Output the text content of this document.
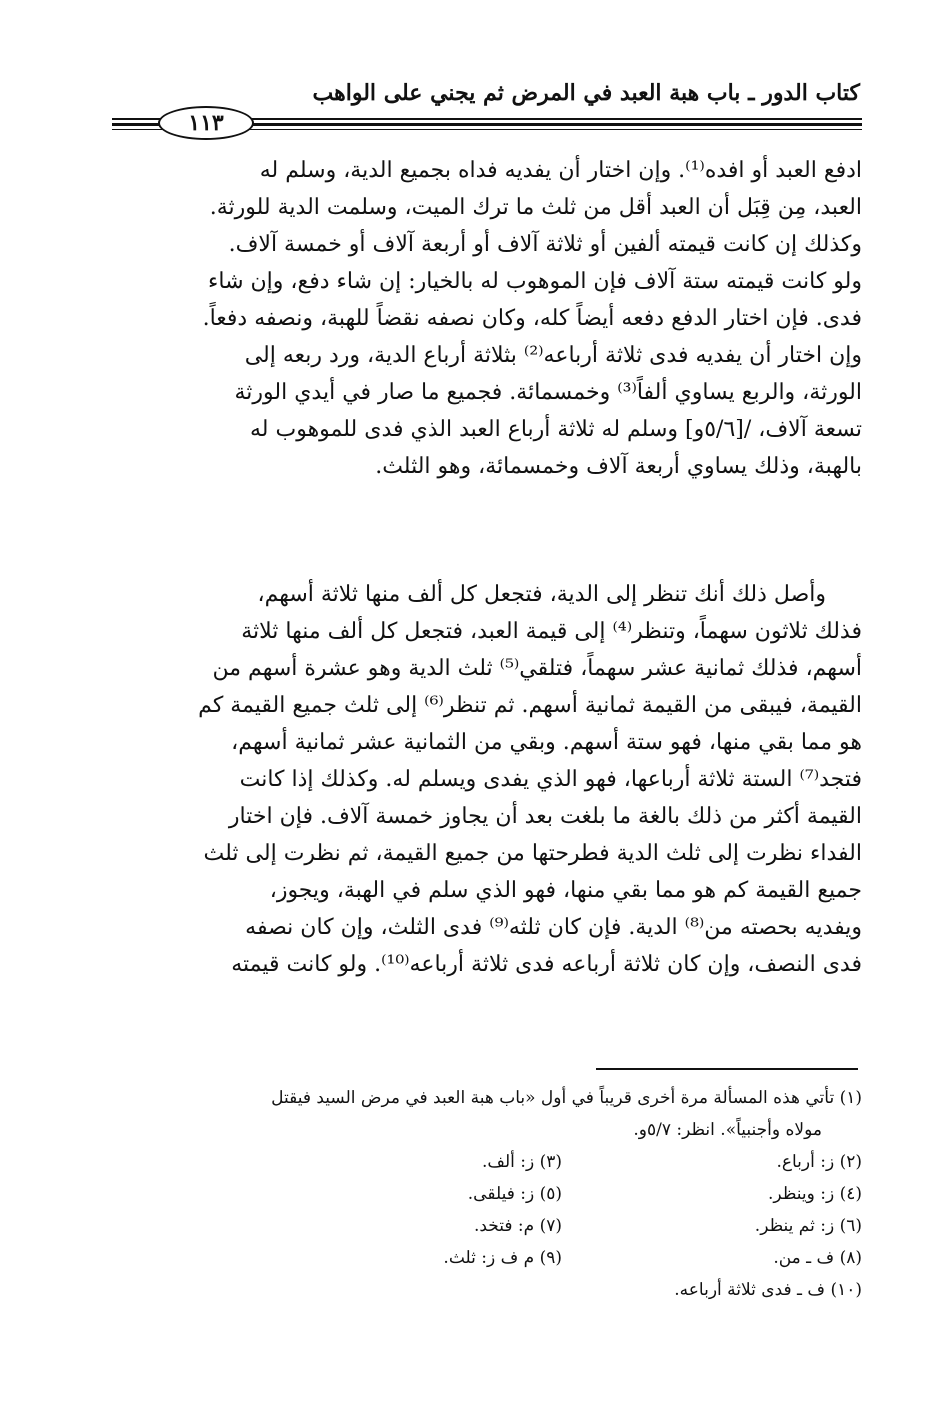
كتاب الدور ـ باب هبة العبد في المرض ثم يجني على الواهب
١١٣
ادفع العبد أو افده⁽¹⁾. وإن اختار أن يفديه فداه بجميع الدية، وسلم له
العبد، مِن قِبَل أن العبد أقل من ثلث ما ترك الميت، وسلمت الدية للورثة.
وكذلك إن كانت قيمته ألفين أو ثلاثة آلاف أو أربعة آلاف أو خمسة آلاف.
ولو كانت قيمته ستة آلاف فإن الموهوب له بالخيار: إن شاء دفع، وإن شاء
فدى. فإن اختار الدفع دفعه أيضاً كله، وكان نصفه نقضاً للهبة، ونصفه دفعاً.
وإن اختار أن يفديه فدى ثلاثة أرباعه⁽²⁾ بثلاثة أرباع الدية، ورد ربعه إلى
الورثة، والربع يساوي ألفاً⁽³⁾ وخمسمائة. فجميع ما صار في أيدي الورثة
تسعة آلاف، /[٥/٦و] وسلم له ثلاثة أرباع العبد الذي فدى للموهوب له
بالهبة، وذلك يساوي أربعة آلاف وخمسمائة، وهو الثلث.
وأصل ذلك أنك تنظر إلى الدية، فتجعل كل ألف منها ثلاثة أسهم،
فذلك ثلاثون سهماً، وتنظر⁽⁴⁾ إلى قيمة العبد، فتجعل كل ألف منها ثلاثة
أسهم، فذلك ثمانية عشر سهماً، فتلقي⁽⁵⁾ ثلث الدية وهو عشرة أسهم من
القيمة، فيبقى من القيمة ثمانية أسهم. ثم تنظر⁽⁶⁾ إلى ثلث جميع القيمة كم
هو مما بقي منها، فهو ستة أسهم. وبقي من الثمانية عشر ثمانية أسهم،
فتجد⁽⁷⁾ الستة ثلاثة أرباعها، فهو الذي يفدى ويسلم له. وكذلك إذا كانت
القيمة أكثر من ذلك بالغة ما بلغت بعد أن يجاوز خمسة آلاف. فإن اختار
الفداء نظرت إلى ثلث الدية فطرحتها من جميع القيمة، ثم نظرت إلى ثلث
جميع القيمة كم هو مما بقي منها، فهو الذي سلم في الهبة، ويجوز،
ويفديه بحصته من⁽⁸⁾ الدية. فإن كان ثلثه⁽⁹⁾ فدى الثلث، وإن كان نصفه
فدى النصف، وإن كان ثلاثة أرباعه فدى ثلاثة أرباعه⁽¹⁰⁾. ولو كانت قيمته
(١) تأتي هذه المسألة مرة أخرى قريباً في أول «باب هبة العبد في مرض السيد فيقتل
مولاه وأجنبياً». انظر: ٥/٧و.
(٢) ز: أرباع.
(٣) ز: ألف.
(٤) ز: وينظر.
(٥) ز: فيلقى.
(٦) ز: ثم ينظر.
(٧) م: فتخد.
(٨) ف ـ من.
(٩) م ف ز: ثلث.
(١٠) ف ـ فدى ثلاثة أرباعه.
